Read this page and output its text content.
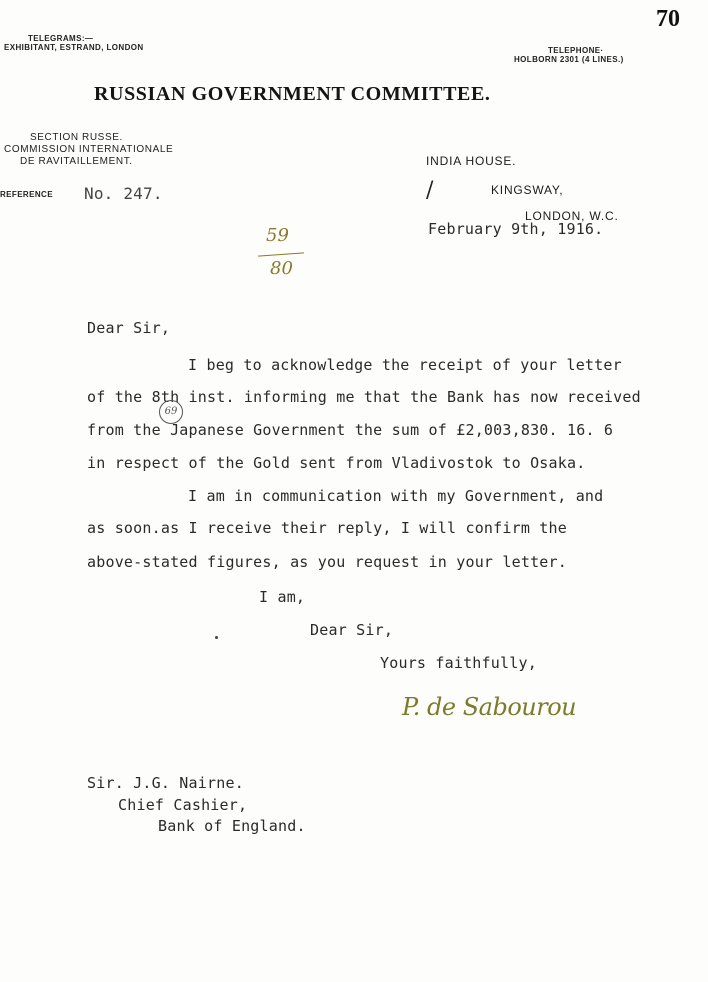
70
TELEGRAMS:—
EXHIBITANT, ESTRAND, LONDON	TELEPHONE·
HOLBORN 2301 (4 LINES.)
RUSSIAN GOVERNMENT COMMITTEE.
SECTION RUSSE.
COMMISSION INTERNATIONALE
DE RAVITAILLEMENT.
REFERENCE No. 247.
INDIA HOUSE.
/	KINGSWAY,
LONDON, W.C.
February 9th, 1916.
59
80
Dear Sir,
I beg to acknowledge the receipt of your letter
of the 8th inst. informing me that the Bank has now received
69
from the Japanese Government the sum of £2,003,830. 16. 6
in respect of the Gold sent from Vladivostok to Osaka.
I am in communication with my Government, and
as soon.as I receive their reply, I will confirm the
above-stated figures, as you request in your letter.
I am,
Dear Sir,
Yours faithfully,
P. de Sabourou
Sir. J.G. Nairne.
Chief Cashier,
Bank of England.
